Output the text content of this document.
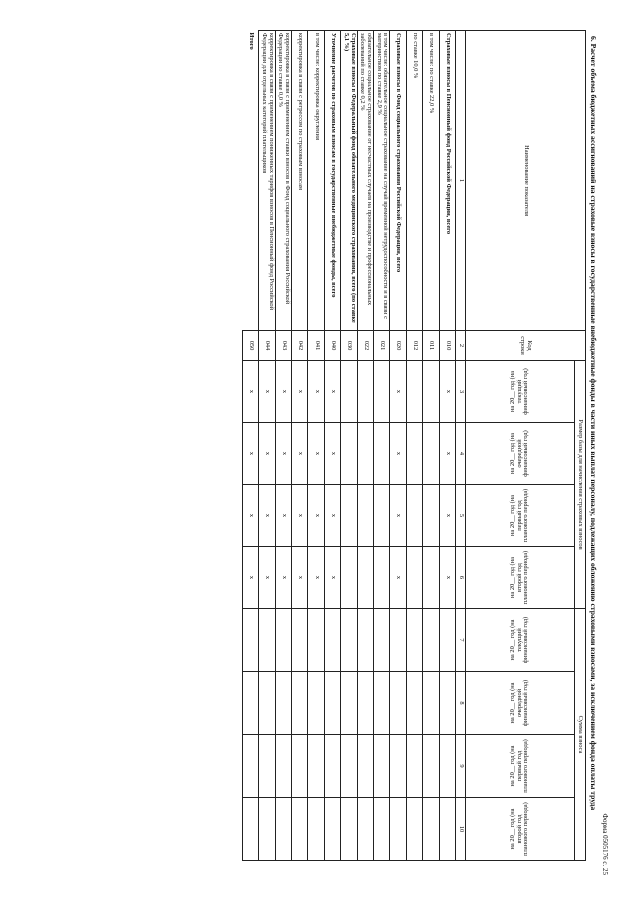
Форма 0505176 с. 25
6. Расчет объема бюджетных ассигнований на страховые взносы в государственные внебюджетные фонды в части иных выплат персоналу, подлежащих обложению страховыми взносами, за исключением фонда оплаты труда
Наименование показателя	Код строки	Размер базы для начисления страховых взносов				Сумма взноса			

		на 20__ год (на текущий финансовый год)	на 20__ год (на очередной финансовый год)	на 20__ год (на первый год планового периода)	на 20__ год (на второй год планового периода)	на 20__ год (на текущий финансовый год)	на 20__ год (на очередной финансовый год)	на 20__ год (на первый год планового периода)	на 20__ год (на второй год планового периода)

1	2	3	4	5	6	7	8	9	10
Страховые взносы в Пенсионный фонд Российской Федерации, всего	010	x	x	x	x				
в том числе: по ставке 22,0 %	011								
по ставке 10,0 %	012								
Страховые взносы в Фонд социального страхования Российской Федерации, всего	020	x	x	x	x				
в том числе: обязательное социальное страхование на случай временной нетрудоспособности и в связи с материнством по ставке 2,9 %	021								
обязательное социальное страхование от несчастных случаев на производстве и профессиональных заболеваний по ставке 0,2 %	022								
Страховые взносы в Федеральный фонд обязательного медицинского страхования, всего (по ставке 5,1 %)	030								
Уточнение расчетов по страховым взносам в государственные внебюджетные фонды, всего	040	x	x	x	x				
в том числе: корректировка округления	041	x	x	x	x				
корректировка в связи с регрессом по страховым взносам	042	x	x	x	x				
корректировка в связи с применением ставки взносов в Фонд социального страхования Российской Федерации по ставке 0,0 %	043	x	x	x	x				
корректировка в связи с применением пониженных тарифов взносов в Пенсионный фонд Российской Федерации для отдельных категорий плательщиков	044	x	x	x	x				
Итого	050	x	x	x	x				
